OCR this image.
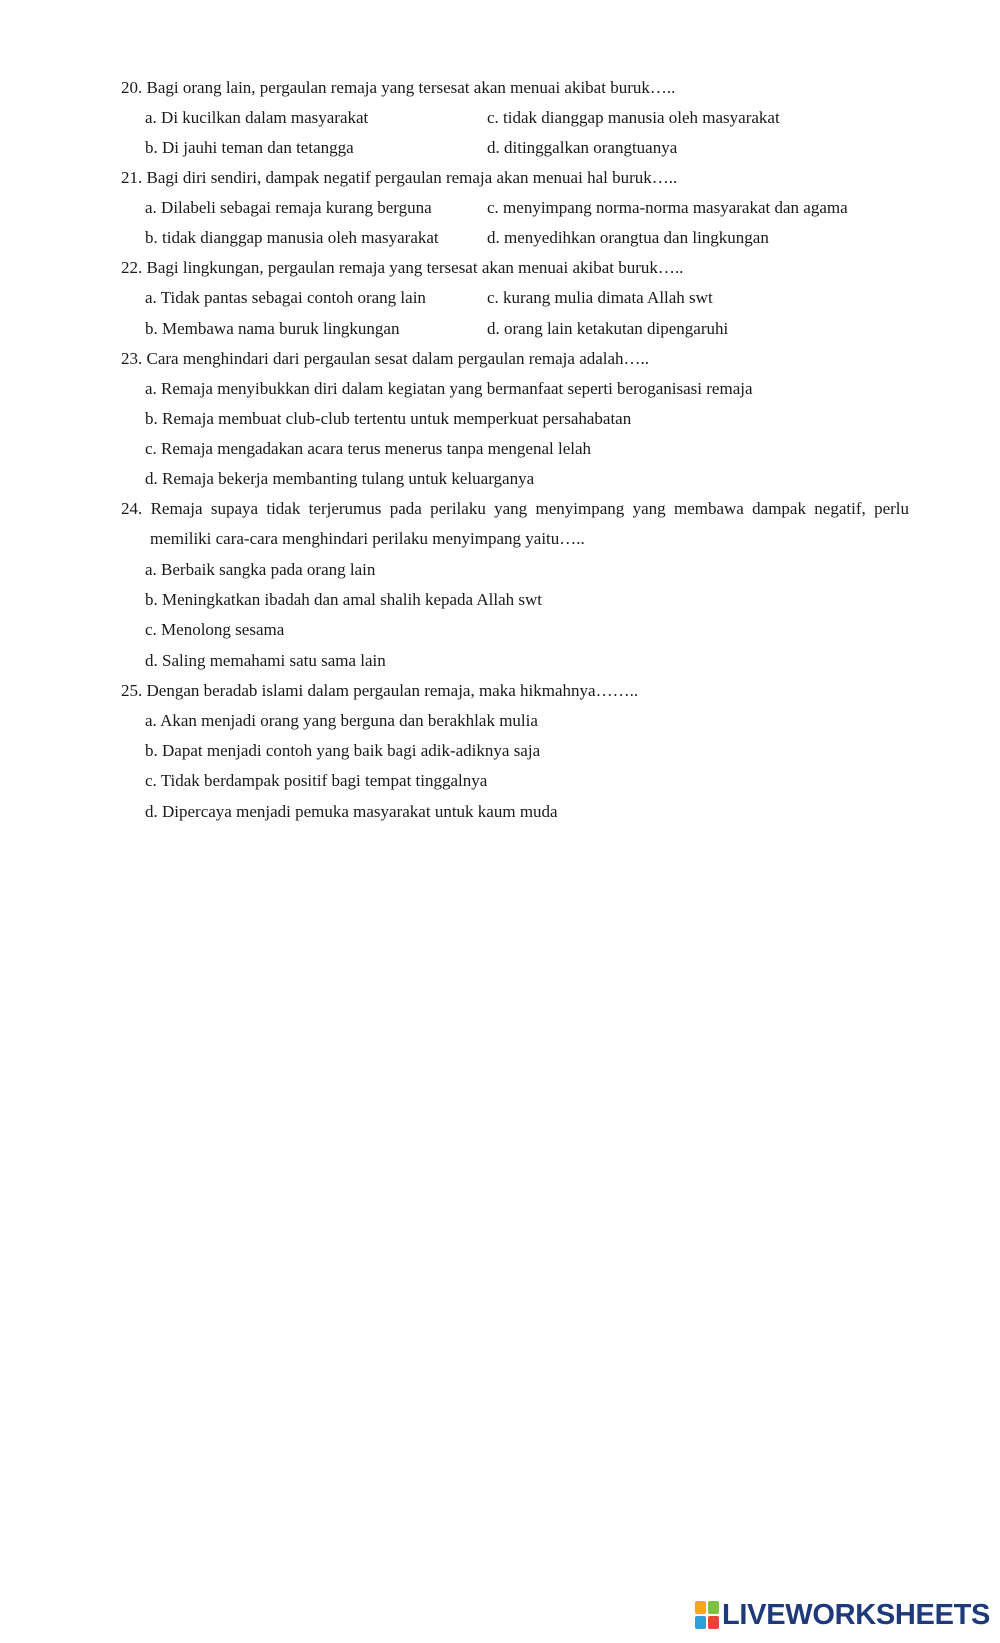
20. Bagi orang lain, pergaulan remaja yang tersesat akan menuai akibat buruk…..
a. Di kucilkan dalam masyarakat	c. tidak dianggap manusia oleh masyarakat
b. Di jauhi teman dan tetangga	d. ditinggalkan orangtuanya
21. Bagi diri sendiri, dampak negatif pergaulan remaja akan menuai hal buruk…..
a. Dilabeli sebagai remaja kurang berguna	c. menyimpang norma-norma masyarakat dan agama
b. tidak dianggap manusia oleh masyarakat	d. menyedihkan orangtua dan lingkungan
22. Bagi lingkungan, pergaulan remaja yang tersesat akan menuai akibat buruk…..
a. Tidak pantas sebagai contoh orang lain	c. kurang mulia dimata Allah swt
b. Membawa nama buruk lingkungan	d. orang lain ketakutan dipengaruhi
23. Cara menghindari dari pergaulan sesat dalam pergaulan remaja adalah…..
a. Remaja menyibukkan diri dalam kegiatan yang bermanfaat seperti beroganisasi remaja
b. Remaja membuat club-club tertentu untuk memperkuat persahabatan
c. Remaja mengadakan acara terus menerus tanpa mengenal lelah
d. Remaja bekerja membanting tulang untuk keluarganya
24. Remaja supaya tidak terjerumus pada perilaku yang menyimpang yang membawa dampak negatif, perlu
memiliki cara-cara menghindari perilaku menyimpang yaitu…..
a. Berbaik sangka pada orang lain
b. Meningkatkan ibadah dan amal shalih kepada Allah swt
c. Menolong sesama
d. Saling memahami satu sama lain
25. Dengan beradab islami dalam pergaulan remaja, maka hikmahnya……..
a. Akan menjadi orang yang berguna dan berakhlak mulia
b. Dapat menjadi contoh yang baik bagi adik-adiknya saja
c. Tidak berdampak positif bagi tempat tinggalnya
d. Dipercaya menjadi pemuka masyarakat untuk kaum muda
LIVEWORKSHEETS
